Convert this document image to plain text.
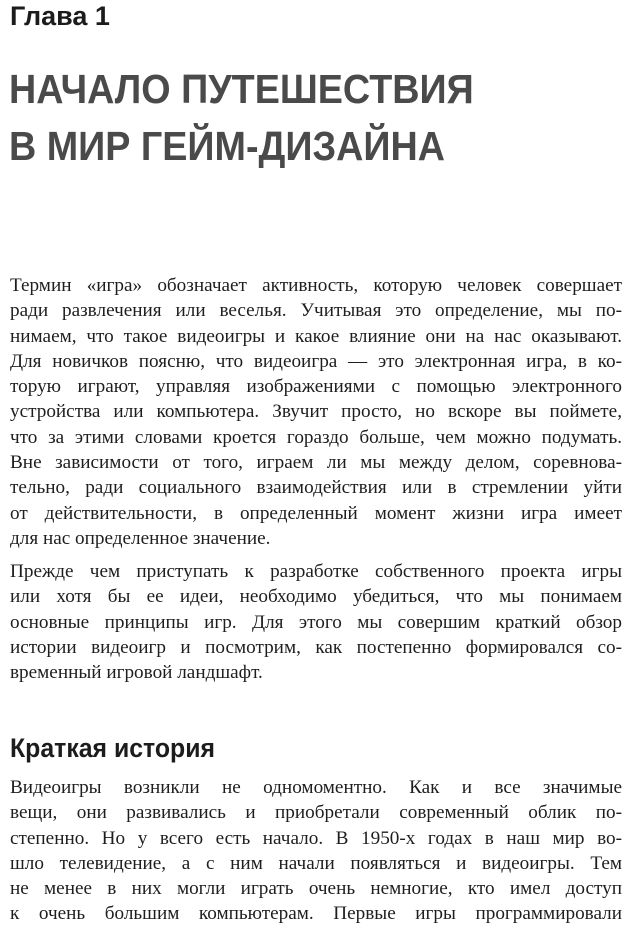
Глава 1
НАЧАЛО ПУТЕШЕСТВИЯ
В МИР ГЕЙМ-ДИЗАЙНА

Термин «игра» обозначает активность, которую человек совершает
ради развлечения или веселья. Учитывая это определение, мы по-
нимаем, что такое видеоигры и какое влияние они на нас оказывают.
Для новичков поясню, что видеоигра — это электронная игра, в ко-
торую играют, управляя изображениями с помощью электронного
устройства или компьютера. Звучит просто, но вскоре вы поймете,
что за этими словами кроется гораздо больше, чем можно подумать.
Вне зависимости от того, играем ли мы между делом, соревнова-
тельно, ради социального взаимодействия или в стремлении уйти
от действительности, в определенный момент жизни игра имеет
для нас определенное значение.

Прежде чем приступать к разработке собственного проекта игры
или хотя бы ее идеи, необходимо убедиться, что мы понимаем
основные принципы игр. Для этого мы совершим краткий обзор
истории видеоигр и посмотрим, как постепенно формировался со-
временный игровой ландшафт.

Краткая история

Видеоигры возникли не одномоментно. Как и все значимые
вещи, они развивались и приобретали современный облик по-
степенно. Но у всего есть начало. В 1950-х годах в наш мир во-
шло телевидение, а с ним начали появляться и видеоигры. Тем
не менее в них могли играть очень немногие, кто имел доступ
к очень большим компьютерам. Первые игры программировали
